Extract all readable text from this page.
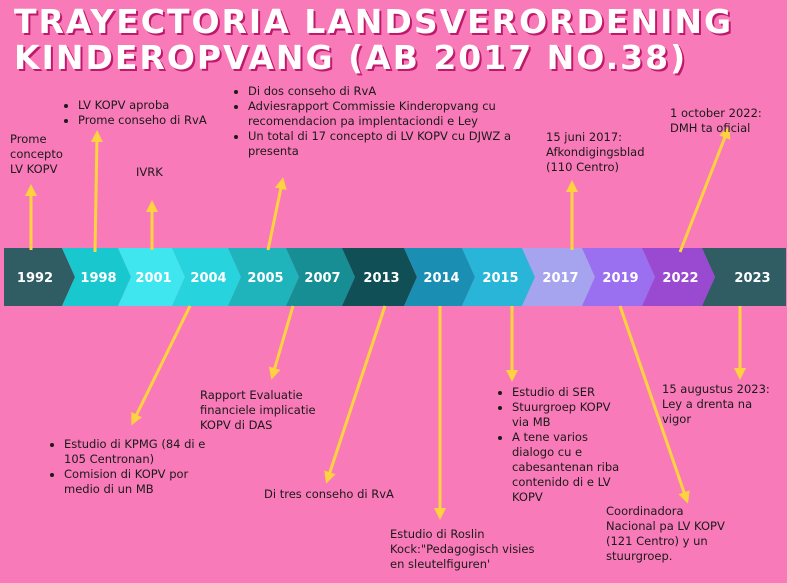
TRAYECTORIA LANDSVERORDENING
KINDEROPVANG (AB 2017 NO.38)
1992 1998 2001 2004 2005 2007 2013 2014 2015 2017 2019 2022	2023
Prome
concepto
LV KOPV
• LV KOPV aproba
• Prome conseho di RvA
IVRK
• Di dos conseho di RvA
• Adviesrapport Commissie Kinderopvang cu recomendacion pa implentaciondi e Ley
• Un total di 17 concepto di LV KOPV cu DJWZ a presenta
15 juni 2017:
Afkondigingsblad
(110 Centro)
1 october 2022:
DMH ta oficial
• Estudio di KPMG (84 di e 105 Centronan)
• Comision di KOPV por medio di un MB
Rapport Evaluatie
financiele implicatie
KOPV di DAS
Di tres conseho di RvA
Estudio di Roslin
Kock:"Pedagogisch visies
en sleutelfiguren'
• Estudio di SER
• Stuurgroep KOPV via MB
• A tene varios dialogo cu e cabesantenan riba contenido di e LV KOPV
Coordinadora
Nacional pa LV KOPV
(121 Centro) y un
stuurgroep.
15 augustus 2023:
Ley a drenta na
vigor
